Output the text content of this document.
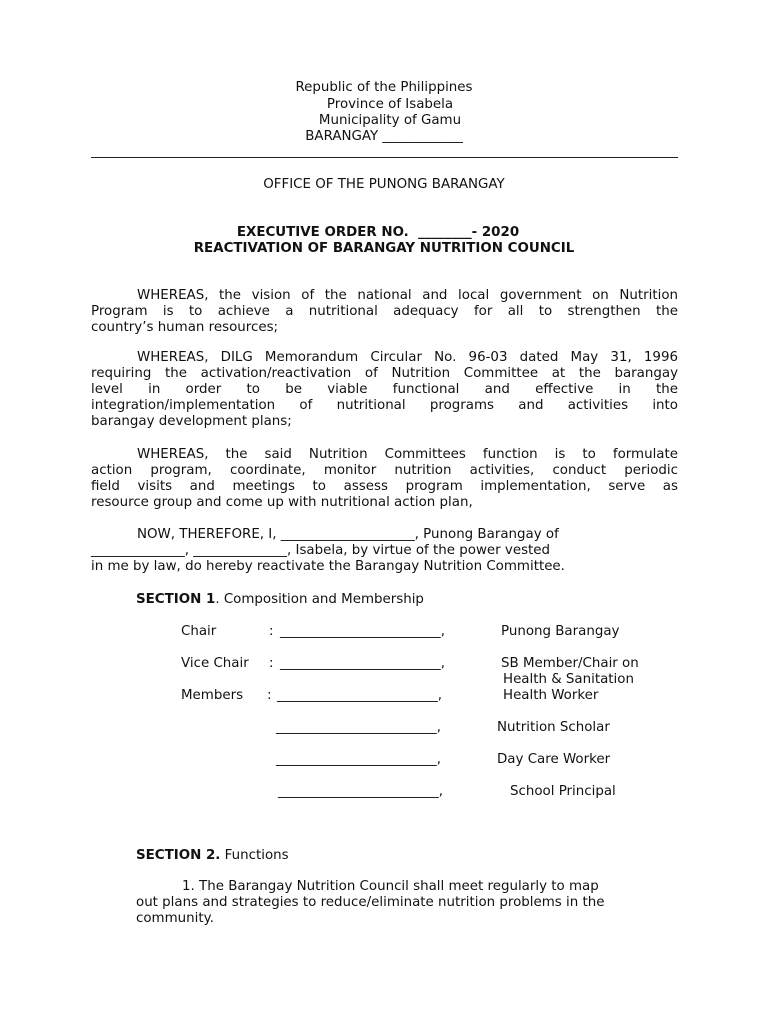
Republic of the Philippines
Province of Isabela
Municipality of Gamu
BARANGAY ____________
OFFICE OF THE PUNONG BARANGAY
EXECUTIVE ORDER NO.  ________- 2020
REACTIVATION OF BARANGAY NUTRITION COUNCIL
WHEREAS, the vision of the national and local government on Nutrition
Program is to achieve a nutritional adequacy for all to strengthen the
country’s human resources;
WHEREAS, DILG Memorandum Circular No. 96-03 dated May 31, 1996
requiring the activation/reactivation of Nutrition Committee at the barangay
level in order to be viable functional and effective in the
integration/implementation of nutritional programs and activities into
barangay development plans;
WHEREAS, the said Nutrition Committees function is to formulate
action program, coordinate, monitor nutrition activities, conduct periodic
field visits and meetings to assess program implementation, serve as
resource group and come up with nutritional action plan,
NOW, THEREFORE, I, ____________________, Punong Barangay of
______________, ______________, Isabela, by virtue of the power vested
in me by law, do hereby reactivate the Barangay Nutrition Committee.
SECTION 1. Composition and Membership
Chair	: ________________________,	Punong Barangay
Vice Chair : ________________________,	SB Member/Chair on
Health & Sanitation
Members : ________________________,	Health Worker
________________________,	Nutrition Scholar
________________________,	Day Care Worker
________________________,	School Principal
SECTION 2. Functions
1. The Barangay Nutrition Council shall meet regularly to map
out plans and strategies to reduce/eliminate nutrition problems in the
community.
